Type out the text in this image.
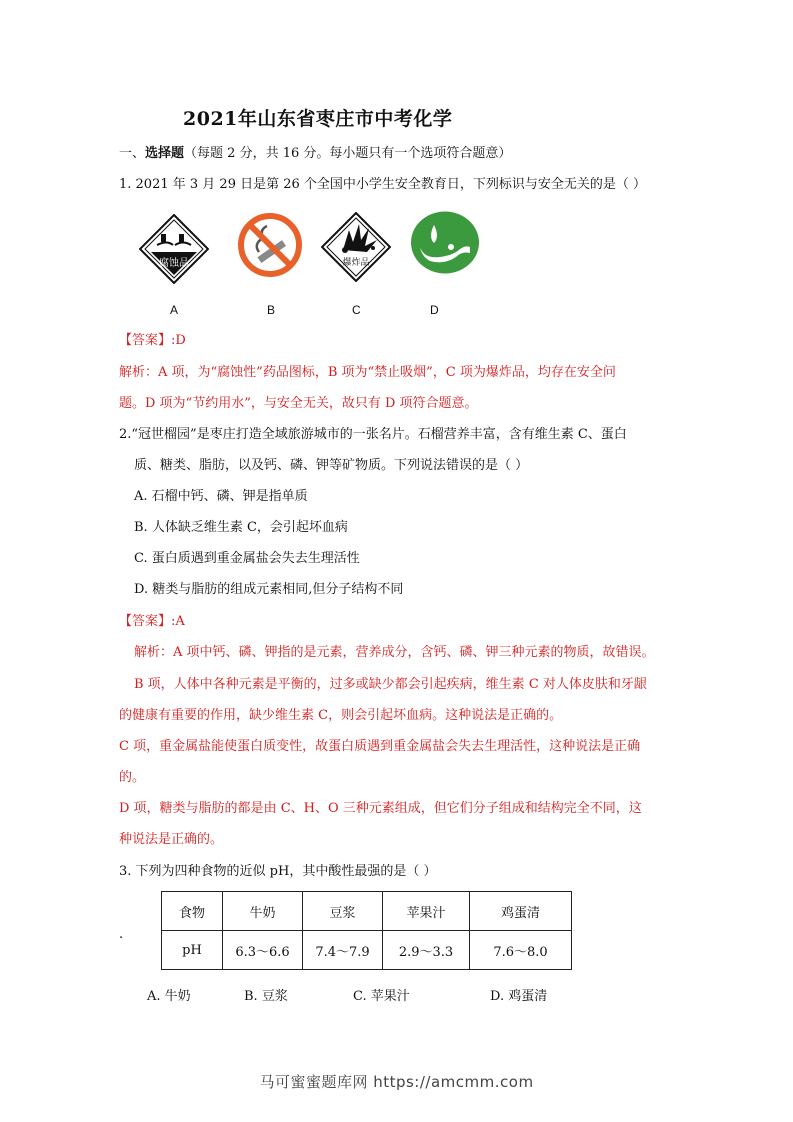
2021年山东省枣庄市中考化学
一、选择题（每题 2 分，共 16 分。每小题只有一个选项符合题意）
1. 2021 年 3 月 29 日是第 26 个全国中小学生安全教育日，下列标识与安全无关的是（ ）
腐蚀品	爆炸品
A	B	C	D
【答案】:D
解析：A 项，为“腐蚀性”药品图标，B 项为“禁止吸烟”，C 项为爆炸品，均存在安全问
题。D 项为“节约用水”，与安全无关，故只有 D 项符合题意。
2.“冠世榴园”是枣庄打造全域旅游城市的一张名片。石榴营养丰富，含有维生素 C、蛋白
质、糖类、脂肪，以及钙、磷、钾等矿物质。下列说法错误的是（ ）
A. 石榴中钙、磷、钾是指单质
B. 人体缺乏维生素 C，会引起坏血病
C. 蛋白质遇到重金属盐会失去生理活性
D. 糖类与脂肪的组成元素相同,但分子结构不同
【答案】:A
解析：A 项中钙、磷、钾指的是元素，营养成分，含钙、磷、钾三种元素的物质，故错误。
B 项，人体中各种元素是平衡的，过多或缺少都会引起疾病，维生素 C 对人体皮肤和牙龈
的健康有重要的作用，缺少维生素 C，则会引起坏血病。这种说法是正确的。
C 项，重金属盐能使蛋白质变性，故蛋白质遇到重金属盐会失去生理活性，这种说法是正确
的。
D 项，糖类与脂肪的都是由 C、H、O 三种元素组成，但它们分子组成和结构完全不同，这
种说法是正确的。
3. 下列为四种食物的近似 pH，其中酸性最强的是（ ）
.
食物	牛奶	豆浆	苹果汁	鸡蛋清
pH	6.3～6.6	7.4～7.9	2.9～3.3	7.6～8.0
A. 牛奶	B. 豆浆	C. 苹果汁	D. 鸡蛋清
马可蜜蜜题库网 https://amcmm.com
